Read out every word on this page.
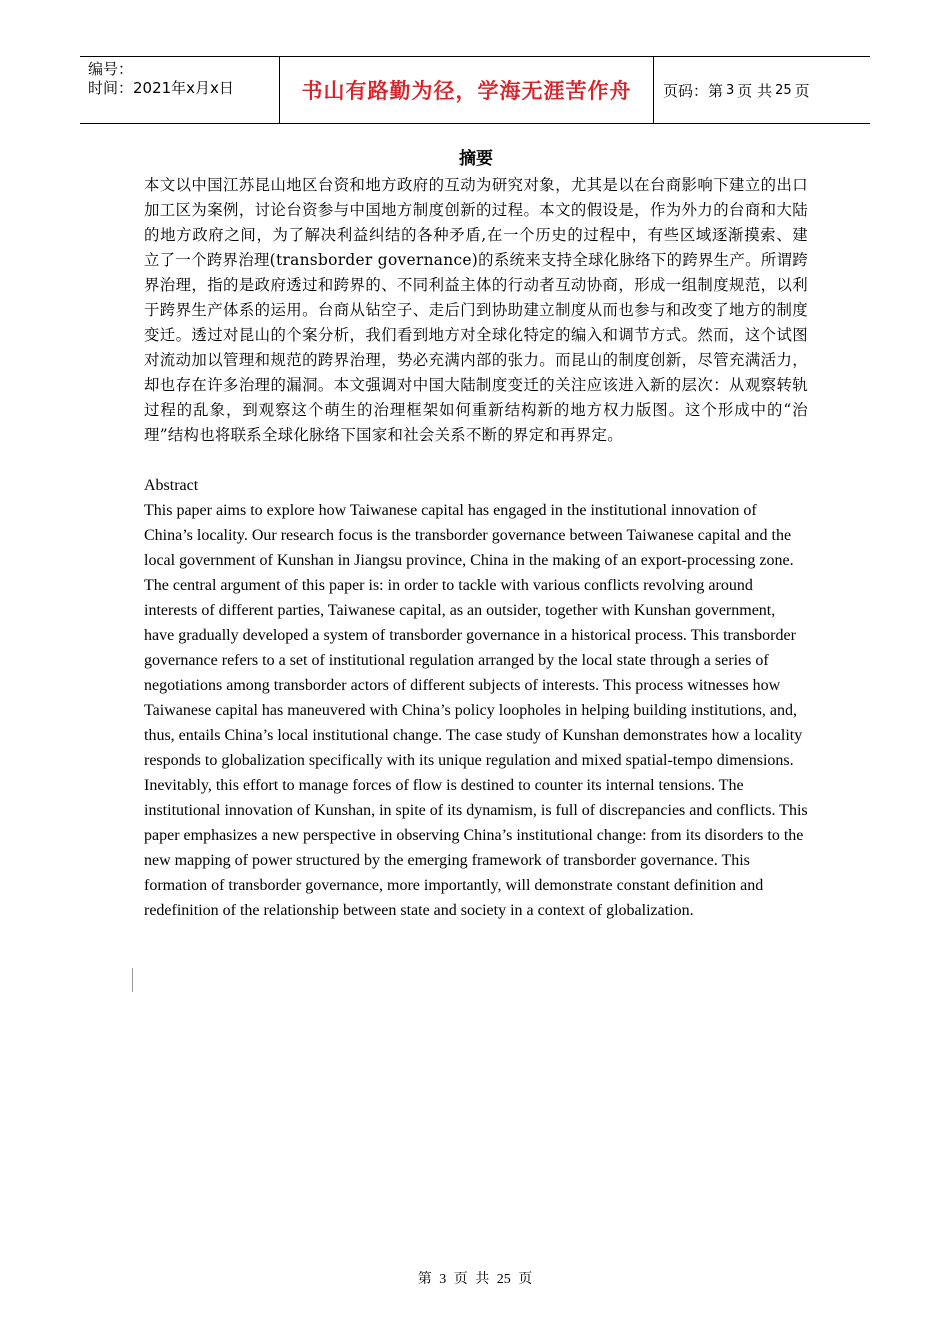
编号：
时间：2021年x月x日	书山有路勤为径，学海无涯苦作舟	页码：第 3 页 共 25 页
摘要

本文以中国江苏昆山地区台资和地方政府的互动为研究对象，尤其是以在台商影响下建立的出口加工区为案例，讨论台资参与中国地方制度创新的过程。本文的假设是，作为外力的台商和大陆的地方政府之间，为了解决利益纠结的各种矛盾,在一个历史的过程中，有些区域逐渐摸索、建立了一个跨界治理(transborder governance)的系统来支持全球化脉络下的跨界生产。所谓跨界治理，指的是政府透过和跨界的、不同利益主体的行动者互动协商，形成一组制度规范，以利于跨界生产体系的运用。台商从钻空子、走后门到协助建立制度从而也参与和改变了地方的制度变迁。透过对昆山的个案分析，我们看到地方对全球化特定的编入和调节方式。然而，这个试图对流动加以管理和规范的跨界治理，势必充满内部的张力。而昆山的制度创新，尽管充满活力，却也存在许多治理的漏洞。本文强调对中国大陆制度变迁的关注应该进入新的层次：从观察转轨过程的乱象，到观察这个萌生的治理框架如何重新结构新的地方权力版图。这个形成中的“治理”结构也将联系全球化脉络下国家和社会关系不断的界定和再界定。

Abstract

This paper aims to explore how Taiwanese capital has engaged in the institutional innovation of China’s locality. Our research focus is the transborder governance between Taiwanese capital and the local government of Kunshan in Jiangsu province, China in the making of an export-processing zone. The central argument of this paper is: in order to tackle with various conflicts revolving around interests of different parties, Taiwanese capital, as an outsider, together with Kunshan government, have gradually developed a system of transborder governance in a historical process. This transborder governance refers to a set of institutional regulation arranged by the local state through a series of negotiations among transborder actors of different subjects of interests. This process witnesses how Taiwanese capital has maneuvered with China’s policy loopholes in helping building institutions, and, thus, entails China’s local institutional change. The case study of Kunshan demonstrates how a locality responds to globalization specifically with its unique regulation and mixed spatial-tempo dimensions. Inevitably, this effort to manage forces of flow is destined to counter its internal tensions. The institutional innovation of Kunshan, in spite of its dynamism, is full of discrepancies and conflicts. This paper emphasizes a new perspective in observing China’s institutional change: from its disorders to the new mapping of power structured by the emerging framework of transborder governance. This formation of transborder governance, more importantly, will demonstrate constant definition and redefinition of the relationship between state and society in a context of globalization.

第 3 页 共 25 页
